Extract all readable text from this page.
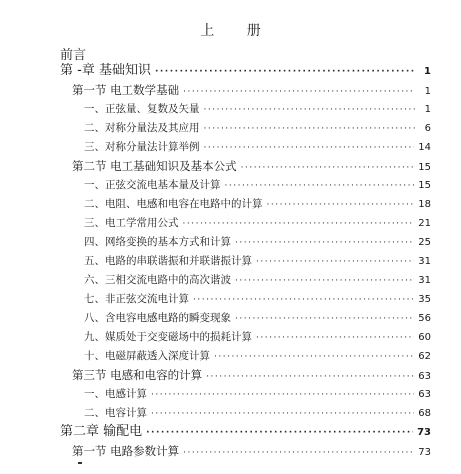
上 册
前言
第 -章 基础知识 ·····	1
第一节 电工数学基础 ·····	1
一、正弦量、复数及矢量 ·····	1
二、对称分量法及其应用 ·····	6
三、对称分量法计算举例 ·····	14
第二节 电工基础知识及基本公式 ·····	15
一、正弦交流电基本量及计算 ·····	15
二、电阻、电感和电容在电路中的计算 ·····	18
三、电工学常用公式 ·····	21
四、网络变换的基本方式和计算 ·····	25
五、电路的串联谐振和并联谐振计算 ·····	31
六、三相交流电路中的高次谐波 ·····	31
七、非正弦交流电计算 ·····	35
八、含电容电感电路的瞬变现象 ·····	56
九、媒质处于交变磁场中的损耗计算 ·····	60
十、电磁屏蔽透入深度计算 ·····	62
第三节 电感和电容的计算 ·····	63
一、电感计算 ·····	63
二、电容计算 ·····	68
第二章 输配电 ·····	73
第一节 电路参数计算 ·····	73
